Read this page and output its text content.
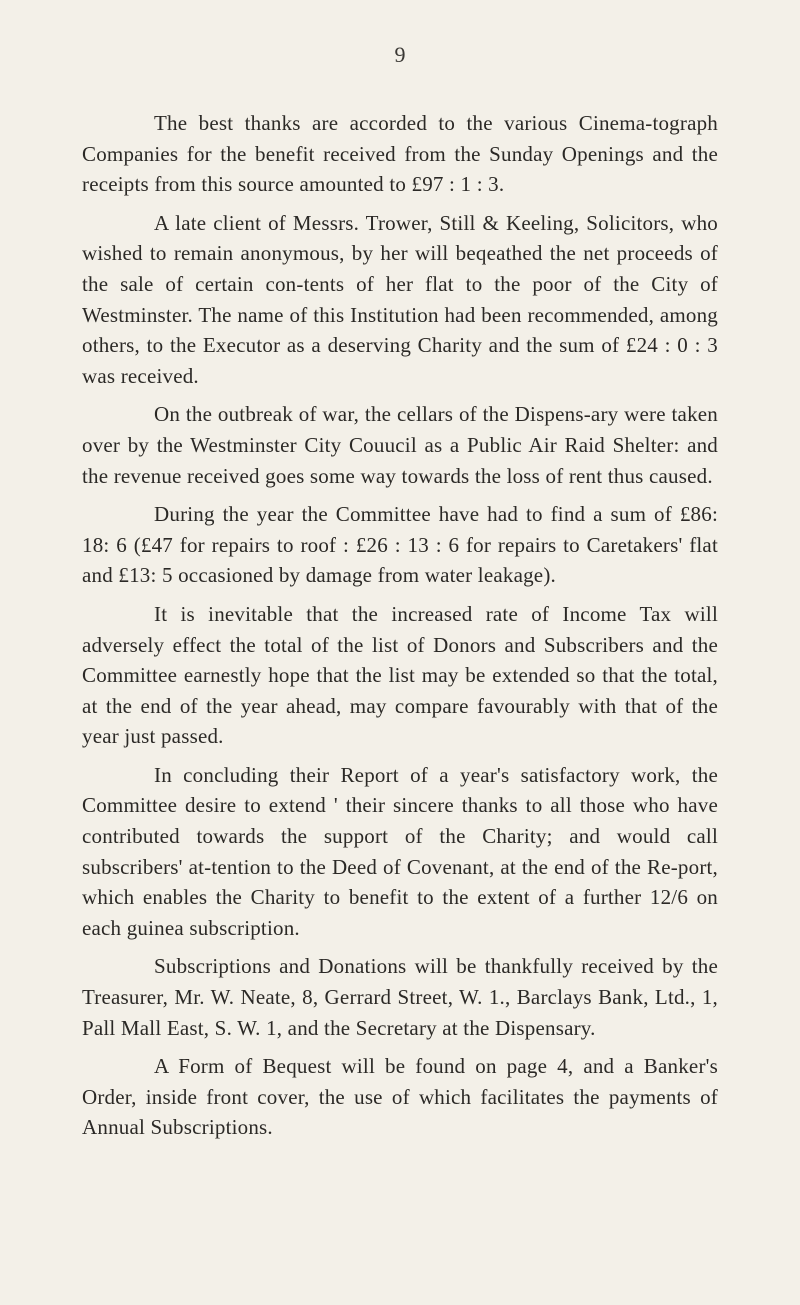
9

The best thanks are accorded to the various Cinema-tograph Companies for the benefit received from the Sunday Openings and the receipts from this source amounted to £97 : 1 : 3.

A late client of Messrs. Trower, Still & Keeling, Solicitors, who wished to remain anonymous, by her will beqeathed the net proceeds of the sale of certain con-tents of her flat to the poor of the City of Westminster. The name of this Institution had been recommended, among others, to the Executor as a deserving Charity and the sum of £24 : 0 : 3 was received.

On the outbreak of war, the cellars of the Dispens-ary were taken over by the Westminster City Couucil as a Public Air Raid Shelter: and the revenue received goes some way towards the loss of rent thus caused.

During the year the Committee have had to find a sum of £86: 18: 6 (£47 for repairs to roof : £26 : 13 : 6 for repairs to Caretakers' flat and £13: 5 occasioned by damage from water leakage).

It is inevitable that the increased rate of Income Tax will adversely effect the total of the list of Donors and Subscribers and the Committee earnestly hope that the list may be extended so that the total, at the end of the year ahead, may compare favourably with that of the year just passed.

In concluding their Report of a year's satisfactory work, the Committee desire to extend ' their sincere thanks to all those who have contributed towards the support of the Charity; and would call subscribers' at-tention to the Deed of Covenant, at the end of the Re-port, which enables the Charity to benefit to the extent of a further 12/6 on each guinea subscription.

Subscriptions and Donations will be thankfully received by the Treasurer, Mr. W. Neate, 8, Gerrard Street, W. 1., Barclays Bank, Ltd., 1, Pall Mall East, S. W. 1, and the Secretary at the Dispensary.

A Form of Bequest will be found on page 4, and a Banker's Order, inside front cover, the use of which facilitates the payments of Annual Subscriptions.
